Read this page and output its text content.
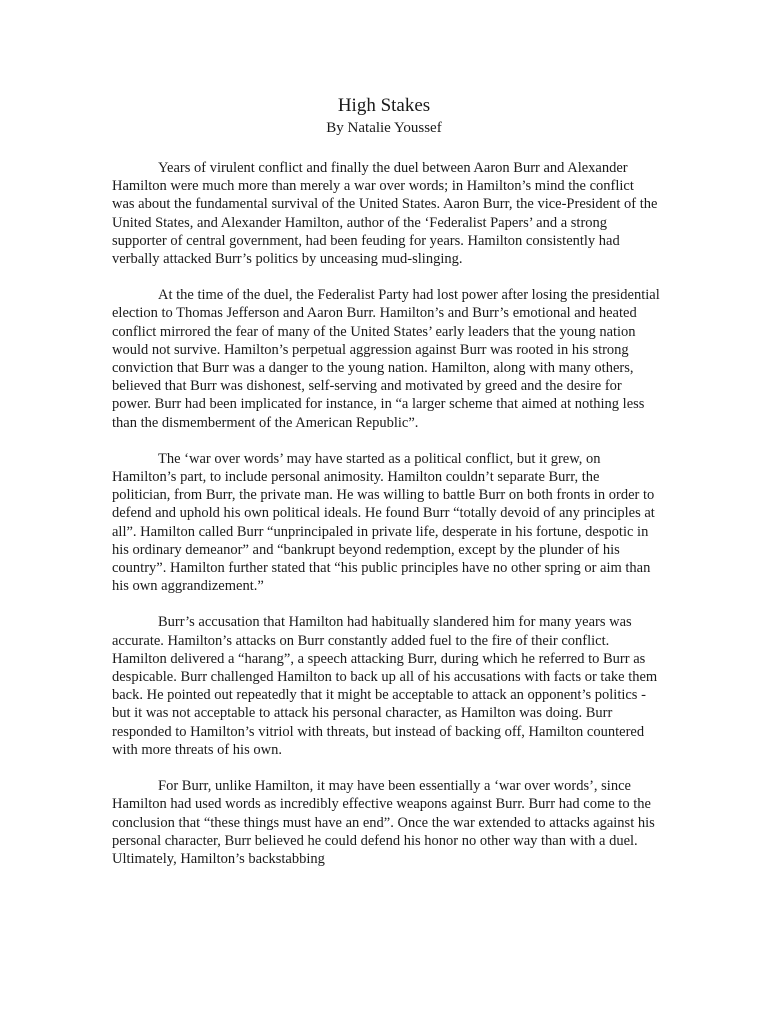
High Stakes
By Natalie Youssef

Years of virulent conflict and finally the duel between Aaron Burr and Alexander Hamilton were much more than merely a war over words; in Hamilton’s mind the conflict was about the fundamental survival of the United States. Aaron Burr, the vice-President of the United States, and Alexander Hamilton, author of the ‘Federalist Papers’ and a strong supporter of central government, had been feuding for years. Hamilton consistently had verbally attacked Burr’s politics by unceasing mud-slinging.

At the time of the duel, the Federalist Party had lost power after losing the presidential election to Thomas Jefferson and Aaron Burr. Hamilton’s and Burr’s emotional and heated conflict mirrored the fear of many of the United States’ early leaders that the young nation would not survive. Hamilton’s perpetual aggression against Burr was rooted in his strong conviction that Burr was a danger to the young nation. Hamilton, along with many others, believed that Burr was dishonest, self-serving and motivated by greed and the desire for power. Burr had been implicated for instance, in “a larger scheme that aimed at nothing less than the dismemberment of the American Republic”.

The ‘war over words’ may have started as a political conflict, but it grew, on Hamilton’s part, to include personal animosity. Hamilton couldn’t separate Burr, the politician, from Burr, the private man. He was willing to battle Burr on both fronts in order to defend and uphold his own political ideals. He found Burr “totally devoid of any principles at all”. Hamilton called Burr “unprincipaled in private life, desperate in his fortune, despotic in his ordinary demeanor” and “bankrupt beyond redemption, except by the plunder of his country”. Hamilton further stated that “his public principles have no other spring or aim than his own aggrandizement.”

Burr’s accusation that Hamilton had habitually slandered him for many years was accurate. Hamilton’s attacks on Burr constantly added fuel to the fire of their conflict. Hamilton delivered a “harang”, a speech attacking Burr, during which he referred to Burr as despicable. Burr challenged Hamilton to back up all of his accusations with facts or take them back. He pointed out repeatedly that it might be acceptable to attack an opponent’s politics - but it was not acceptable to attack his personal character, as Hamilton was doing. Burr responded to Hamilton’s vitriol with threats, but instead of backing off, Hamilton countered with more threats of his own.

For Burr, unlike Hamilton, it may have been essentially a ‘war over words’, since Hamilton had used words as incredibly effective weapons against Burr. Burr had come to the conclusion that “these things must have an end”. Once the war extended to attacks against his personal character, Burr believed he could defend his honor no other way than with a duel. Ultimately, Hamilton’s backstabbing
